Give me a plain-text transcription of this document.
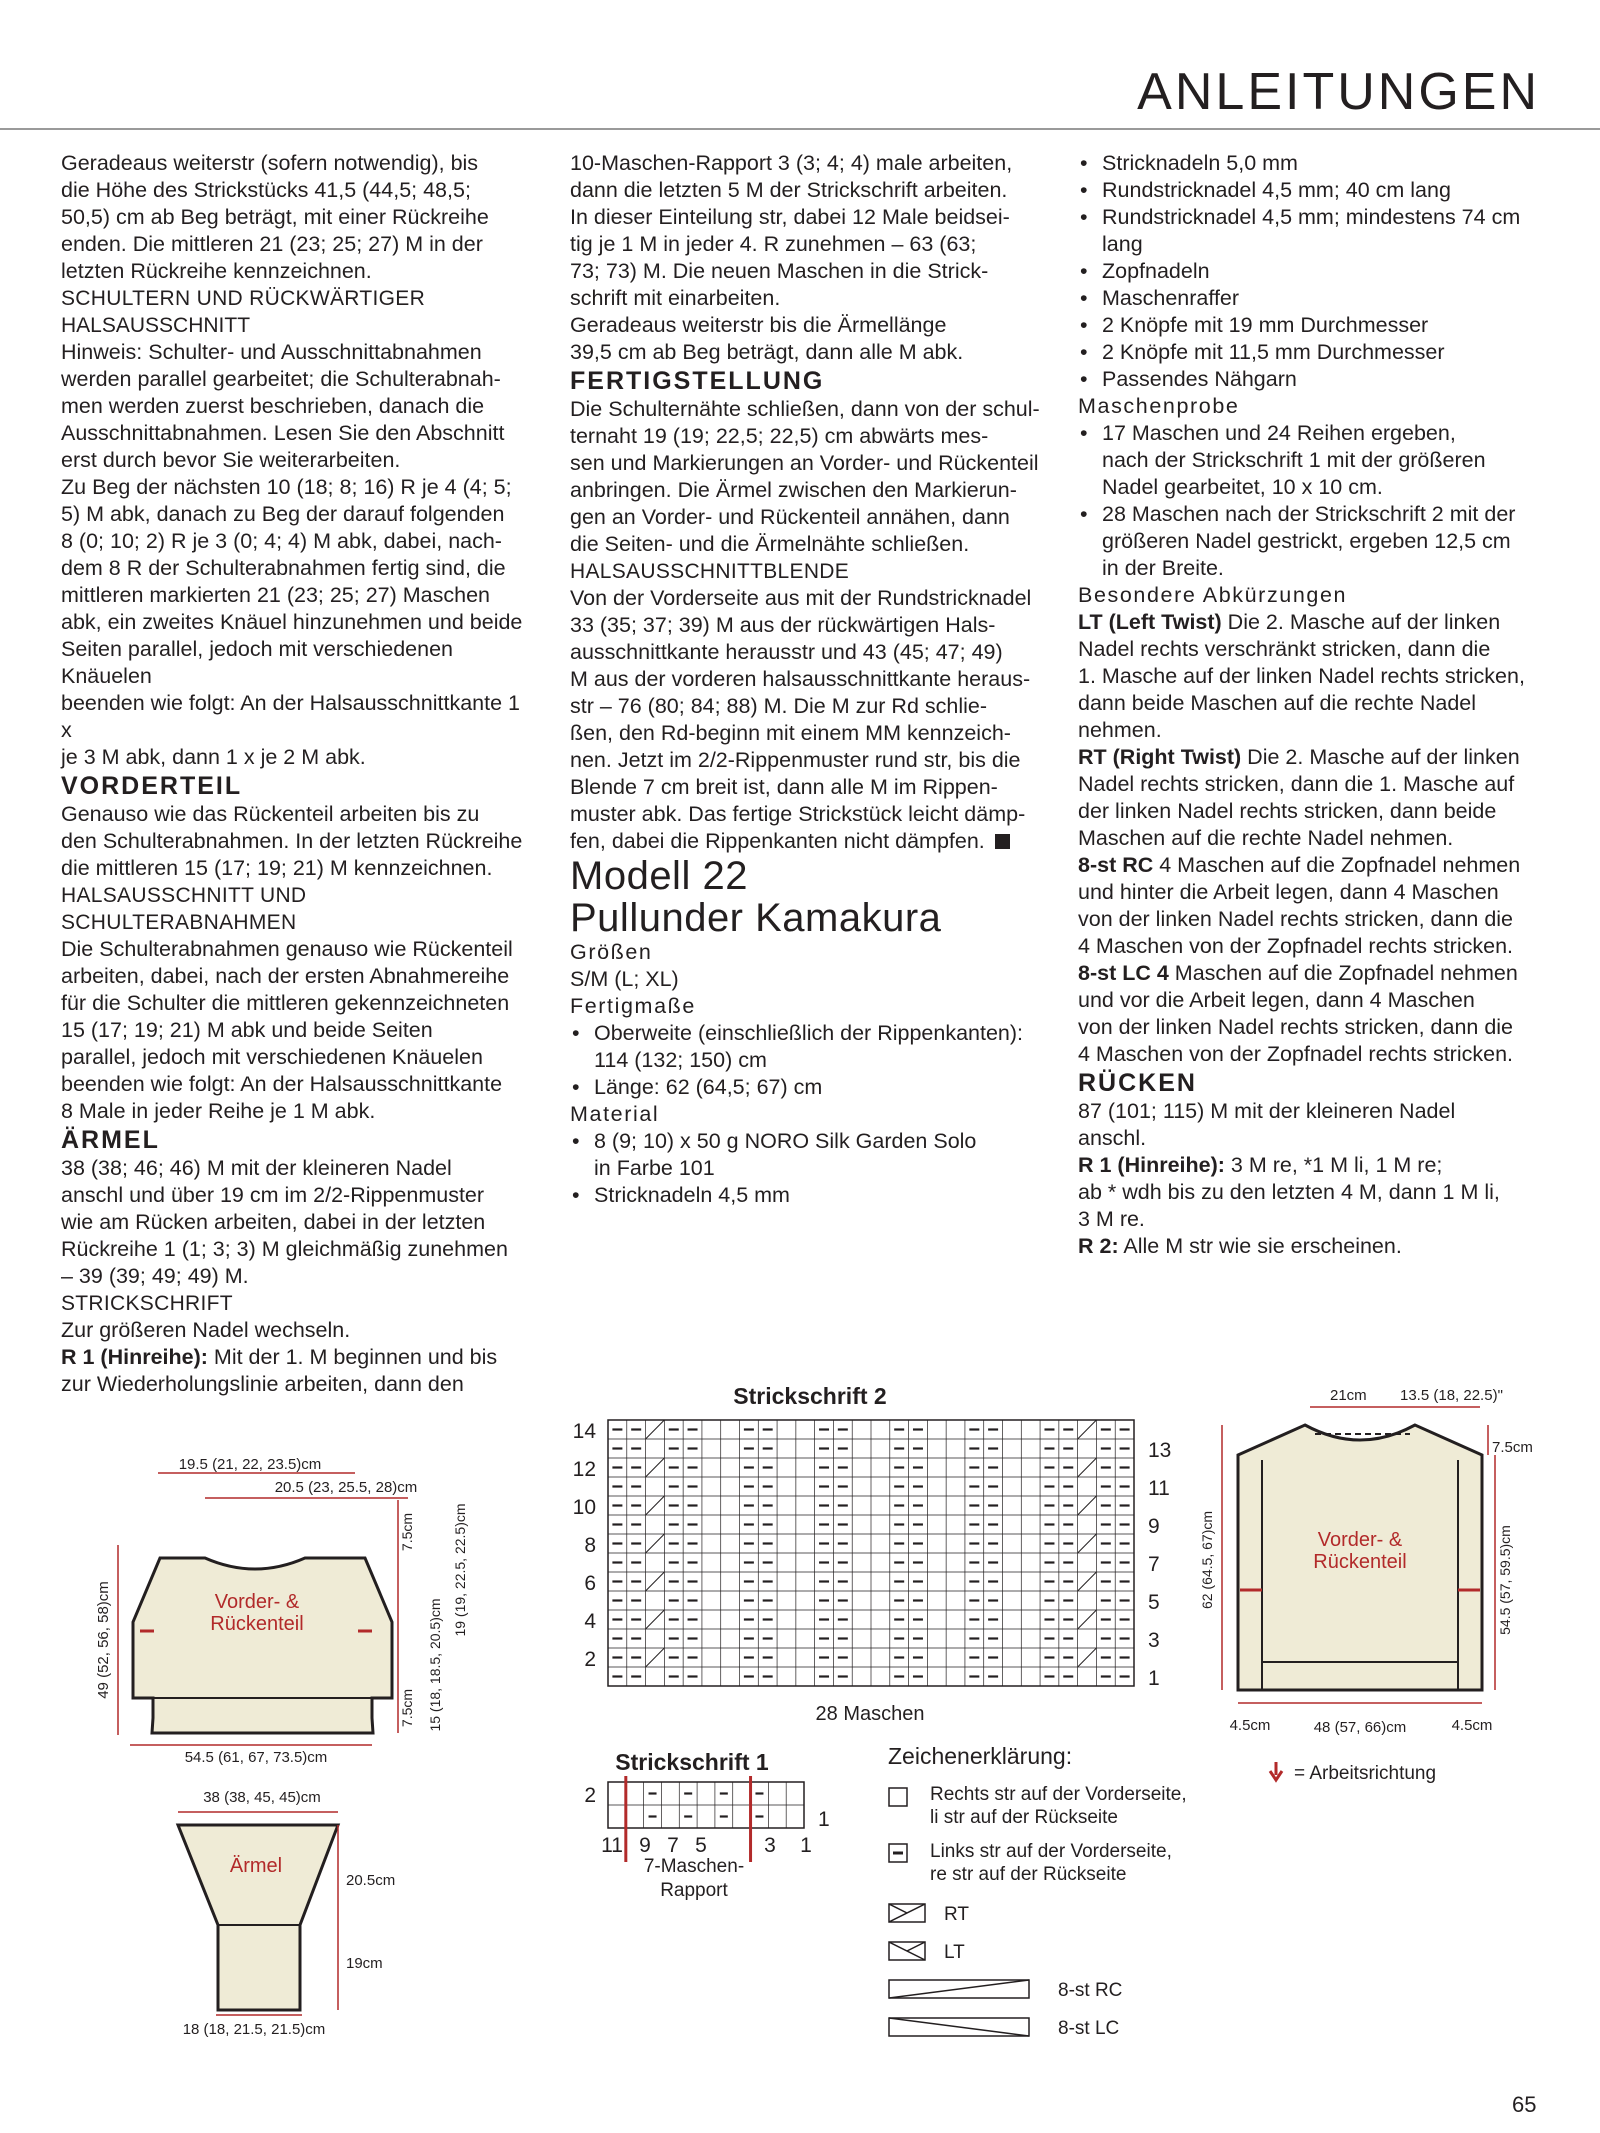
ANLEITUNGEN

Geradeaus weiterstr (sofern notwendig), bis

die Höhe des Strickstücks 41,5 (44,5; 48,5;

50,5) cm ab Beg beträgt, mit einer Rückreihe

enden. Die mittleren 21 (23; 25; 27) M in der

letzten Rückreihe kennzeichnen.

SCHULTERN UND RÜCKWÄRTIGER

HALSAUSSCHNITT

Hinweis: Schulter- und Ausschnittabnahmen

werden parallel gearbeitet; die Schulterabnah-

men werden zuerst beschrieben, danach die

Ausschnittabnahmen. Lesen Sie den Abschnitt

erst durch bevor Sie weiterarbeiten.

Zu Beg der nächsten 10 (18; 8; 16) R je 4 (4; 5;

5) M abk, danach zu Beg der darauf folgenden

8 (0; 10; 2) R je 3 (0; 4; 4) M abk, dabei, nach-

dem 8 R der Schulterabnahmen fertig sind, die

mittleren markierten 21 (23; 25; 27) Maschen

abk, ein zweites Knäuel hinzunehmen und beide

Seiten parallel, jedoch mit verschiedenen Knäuelen

beenden wie folgt: An der Halsausschnittkante 1 x

je 3 M abk, dann 1 x je 2 M abk.

VORDERTEIL

Genauso wie das Rückenteil arbeiten bis zu

den Schulterabnahmen. In der letzten Rückreihe

die mittleren 15 (17; 19; 21) M kennzeichnen.

HALSAUSSCHNITT UND SCHULTERABNAHMEN

Die Schulterabnahmen genauso wie Rückenteil

arbeiten, dabei, nach der ersten Abnahmereihe

für die Schulter die mittleren gekennzeichneten

15 (17; 19; 21) M abk und beide Seiten

parallel, jedoch mit verschiedenen Knäuelen

beenden wie folgt: An der Halsausschnittkante

8 Male in jeder Reihe je 1 M abk.

ÄRMEL

38 (38; 46; 46) M mit der kleineren Nadel

anschl und über 19 cm im 2/2-Rippenmuster

wie am Rücken arbeiten, dabei in der letzten

Rückreihe 1 (1; 3; 3) M gleichmäßig zunehmen

– 39 (39; 49; 49) M.

STRICKSCHRIFT

Zur größeren Nadel wechseln.

R 1 (Hinreihe): Mit der 1. M beginnen und bis

zur Wiederholungslinie arbeiten, dann den

10-Maschen-Rapport 3 (3; 4; 4) male arbeiten,

dann die letzten 5 M der Strickschrift arbeiten.

In dieser Einteilung str, dabei 12 Male beidsei-

tig je 1 M in jeder 4. R zunehmen – 63 (63;

73; 73) M. Die neuen Maschen in die Strick-

schrift mit einarbeiten.

Geradeaus weiterstr bis die Ärmellänge

39,5 cm ab Beg beträgt, dann alle M abk.

FERTIGSTELLUNG

Die Schulternähte schließen, dann von der schul-

ternaht 19 (19; 22,5; 22,5) cm abwärts mes-

sen und Markierungen an Vorder- und Rückenteil

anbringen. Die Ärmel zwischen den Markierun-

gen an Vorder- und Rückenteil annähen, dann

die Seiten- und die Ärmelnähte schließen.

HALSAUSSCHNITTBLENDE

Von der Vorderseite aus mit der Rundstricknadel

33 (35; 37; 39) M aus der rückwärtigen Hals-

ausschnittkante herausstr und 43 (45; 47; 49)

M aus der vorderen halsausschnittkante heraus-

str – 76 (80; 84; 88) M. Die M zur Rd schlie-

ßen, den Rd-beginn mit einem MM kennzeich-

nen. Jetzt im 2/2-Rippenmuster rund str, bis die

Blende 7 cm breit ist, dann alle M im Rippen-

muster abk. Das fertige Strickstück leicht dämp-

fen, dabei die Rippenkanten nicht dämpfen.

Modell 22

Pullunder Kamakura

Größen

S/M (L; XL)

Fertigmaße

• Oberweite (einschließlich der Rippenkanten):
114 (132; 150) cm
• Länge: 62 (64,5; 67) cm

Material

• 8 (9; 10) x 50 g NORO Silk Garden Solo
in Farbe 101
• Stricknadeln 4,5 mm
• Stricknadeln 5,0 mm
• Rundstricknadel 4,5 mm; 40 cm lang
• Rundstricknadel 4,5 mm; mindestens 74 cm
lang
• Zopfnadeln
• Maschenraffer
• 2 Knöpfe mit 19 mm Durchmesser
• 2 Knöpfe mit 11,5 mm Durchmesser
• Passendes Nähgarn

Maschenprobe

• 17 Maschen und 24 Reihen ergeben,
nach der Strickschrift 1 mit der größeren
Nadel gearbeitet, 10 x 10 cm.
• 28 Maschen nach der Strickschrift 2 mit der
größeren Nadel gestrickt, ergeben 12,5 cm
in der Breite.

Besondere Abkürzungen

LT (Left Twist) Die 2. Masche auf der linken

Nadel rechts verschränkt stricken, dann die

1. Masche auf der linken Nadel rechts stricken,

dann beide Maschen auf die rechte Nadel

nehmen.

RT (Right Twist) Die 2. Masche auf der linken

Nadel rechts stricken, dann die 1. Masche auf

der linken Nadel rechts stricken, dann beide

Maschen auf die rechte Nadel nehmen.

8-st RC 4 Maschen auf die Zopfnadel nehmen

und hinter die Arbeit legen, dann 4 Maschen

von der linken Nadel rechts stricken, dann die

4 Maschen von der Zopfnadel rechts stricken.

8-st LC 4 Maschen auf die Zopfnadel nehmen

und vor die Arbeit legen, dann 4 Maschen

von der linken Nadel rechts stricken, dann die

4 Maschen von der Zopfnadel rechts stricken.

RÜCKEN

87 (101; 115) M mit der kleineren Nadel

anschl.

R 1 (Hinreihe): 3 M re, *1 M li, 1 M re;

ab * wdh bis zu den letzten 4 M, dann 1 M li,

3 M re.

R 2: Alle M str wie sie erscheinen.

Vorder- &
Rückenteil
19.5 (21, 22, 23.5)cm
20.5 (23, 25.5, 28)cm
49 (52, 56, 58)cm
7.5cm	19 (19, 22.5, 22.5)cm
15 (18, 18.5, 20.5)cm
7.5cm
54.5 (61, 67, 73.5)cm
38 (38, 45, 45)cm
Ärmel
20.5cm
19cm
18 (18, 21.5, 21.5)cm
Strickschrift 2
14
12
10
8
6
4
2
13
11
9
7
5
3
1
28 Maschen
Strickschrift 1
2
1
11 9 7 5	3 1
7-Maschen-
Rapport
Zeichenerklärung:
Rechts str auf der Vorderseite,
li str auf der Rückseite
Links str auf der Vorderseite,
re str auf der Rückseite
RT
LT
8-st RC
8-st LC
21cm 13.5 (18, 22.5)"
Vorder- &
Rückenteil
7.5cm
62 (64.5, 67)cm	54.5 (57, 59.5)cm
4.5cm	48 (57, 66)cm	4.5cm
= Arbeitsrichtung
65
